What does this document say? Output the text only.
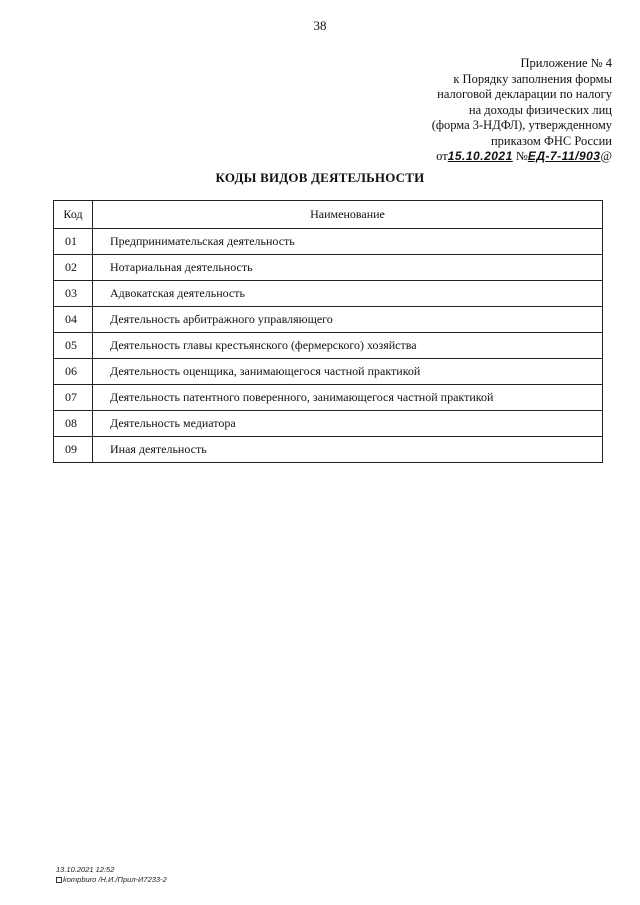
38
Приложение № 4
к Порядку заполнения формы
налоговой декларации по налогу
на доходы физических лиц
(форма 3-НДФЛ), утвержденному
приказом ФНС России
от15.10.2021 №ЕД-7-11/903@
КОДЫ ВИДОВ ДЕЯТЕЛЬНОСТИ
Код	Наименование
01	Предпринимательская деятельность
02	Нотариальная деятельность
03	Адвокатская деятельность
04	Деятельность арбитражного управляющего
05	Деятельность главы крестьянского (фермерского) хозяйства
06	Деятельность оценщика, занимающегося частной практикой
07	Деятельность патентного поверенного, занимающегося частной практикой
08	Деятельность медиатора
09	Иная деятельность
13.10.2021 12:52
kompburo /Н.И./Прил-И7233-2
